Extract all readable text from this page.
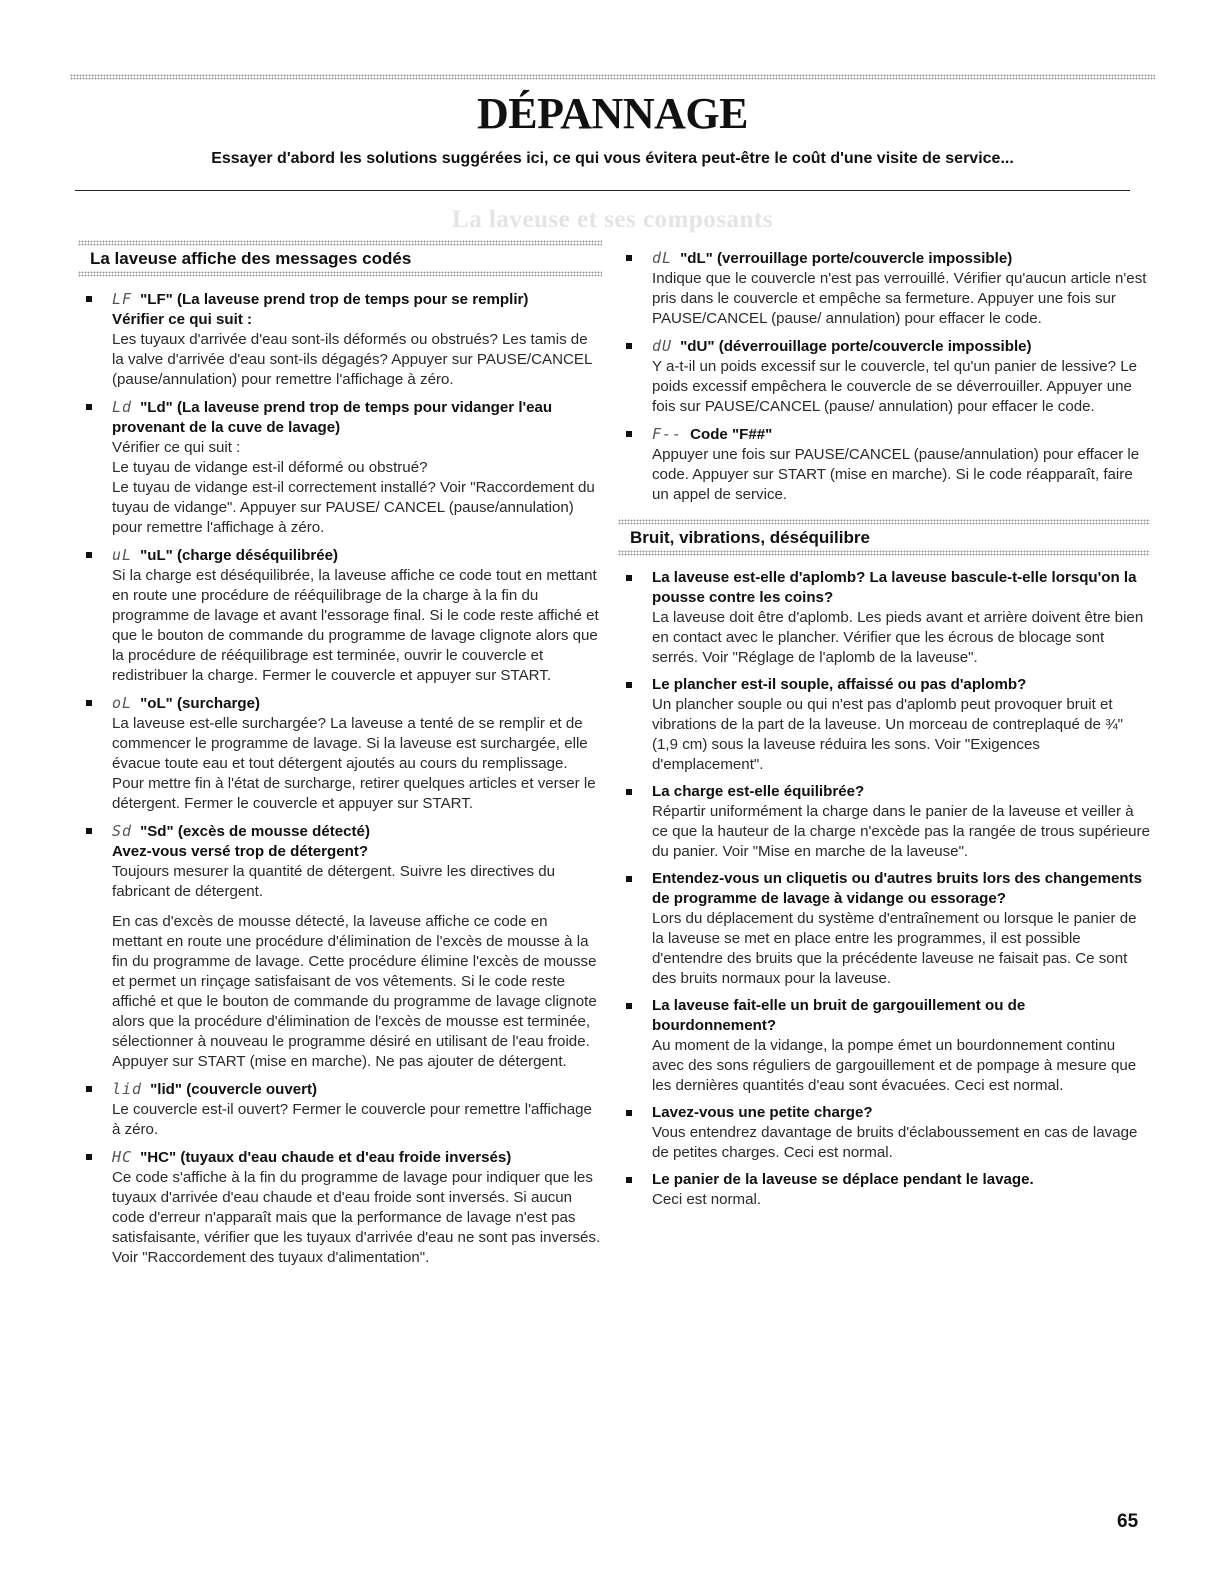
DÉPANNAGE
Essayer d'abord les solutions suggérées ici, ce qui vous évitera peut-être le coût d'une visite de service...
La laveuse et ses composants
La laveuse affiche des messages codés
LF "LF" (La laveuse prend trop de temps pour se remplir)
Vérifier ce qui suit :

Les tuyaux d'arrivée d'eau sont-ils déformés ou obstrués? Les tamis de la valve d'arrivée d'eau sont-ils dégagés? Appuyer sur PAUSE/CANCEL (pause/annulation) pour remettre l'affichage à zéro.

Ld "Ld" (La laveuse prend trop de temps pour vidanger l'eau provenant de la cuve de lavage)

Vérifier ce qui suit :
Le tuyau de vidange est-il déformé ou obstrué?
Le tuyau de vidange est-il correctement installé? Voir "Raccordement du tuyau de vidange". Appuyer sur PAUSE/ CANCEL (pause/annulation) pour remettre l'affichage à zéro.

uL "uL" (charge déséquilibrée)

Si la charge est déséquilibrée, la laveuse affiche ce code tout en mettant en route une procédure de rééquilibrage de la charge à la fin du programme de lavage et avant l'essorage final. Si le code reste affiché et que le bouton de commande du programme de lavage clignote alors que la procédure de rééquilibrage est terminée, ouvrir le couvercle et redistribuer la charge. Fermer le couvercle et appuyer sur START.

oL "oL" (surcharge)

La laveuse est-elle surchargée? La laveuse a tenté de se remplir et de commencer le programme de lavage. Si la laveuse est surchargée, elle évacue toute eau et tout détergent ajoutés au cours du remplissage. Pour mettre fin à l'état de surcharge, retirer quelques articles et verser le détergent. Fermer le couvercle et appuyer sur START.

Sd "Sd" (excès de mousse détecté)
Avez-vous versé trop de détergent?

Toujours mesurer la quantité de détergent. Suivre les directives du fabricant de détergent.

En cas d'excès de mousse détecté, la laveuse affiche ce code en mettant en route une procédure d'élimination de l'excès de mousse à la fin du programme de lavage. Cette procédure élimine l'excès de mousse et permet un rinçage satisfaisant de vos vêtements. Si le code reste affiché et que le bouton de commande du programme de lavage clignote alors que la procédure d'élimination de l'excès de mousse est terminée, sélectionner à nouveau le programme désiré en utilisant de l'eau froide. Appuyer sur START (mise en marche). Ne pas ajouter de détergent.

lid "lid" (couvercle ouvert)

Le couvercle est-il ouvert? Fermer le couvercle pour remettre l'affichage à zéro.

HC "HC" (tuyaux d'eau chaude et d'eau froide inversés)

Ce code s'affiche à la fin du programme de lavage pour indiquer que les tuyaux d'arrivée d'eau chaude et d'eau froide sont inversés. Si aucun code d'erreur n'apparaît mais que la performance de lavage n'est pas satisfaisante, vérifier que les tuyaux d'arrivée d'eau ne sont pas inversés. Voir "Raccordement des tuyaux d'alimentation".

dL "dL" (verrouillage porte/couvercle impossible)

Indique que le couvercle n'est pas verrouillé. Vérifier qu'aucun article n'est pris dans le couvercle et empêche sa fermeture. Appuyer une fois sur PAUSE/CANCEL (pause/ annulation) pour effacer le code.

dU "dU" (déverrouillage porte/couvercle impossible)

Y a-t-il un poids excessif sur le couvercle, tel qu'un panier de lessive? Le poids excessif empêchera le couvercle de se déverrouiller. Appuyer une fois sur PAUSE/CANCEL (pause/ annulation) pour effacer le code.

F-- Code "F##"

Appuyer une fois sur PAUSE/CANCEL (pause/annulation) pour effacer le code. Appuyer sur START (mise en marche). Si le code réapparaît, faire un appel de service.

Bruit, vibrations, déséquilibre
La laveuse est-elle d'aplomb? La laveuse bascule-t-elle lorsqu'on la pousse contre les coins?

La laveuse doit être d'aplomb. Les pieds avant et arrière doivent être bien en contact avec le plancher. Vérifier que les écrous de blocage sont serrés. Voir "Réglage de l'aplomb de la laveuse".

Le plancher est-il souple, affaissé ou pas d'aplomb?

Un plancher souple ou qui n'est pas d'aplomb peut provoquer bruit et vibrations de la part de la laveuse. Un morceau de contreplaqué de ¾" (1,9 cm) sous la laveuse réduira les sons. Voir "Exigences d'emplacement".

La charge est-elle équilibrée?

Répartir uniformément la charge dans le panier de la laveuse et veiller à ce que la hauteur de la charge n'excède pas la rangée de trous supérieure du panier. Voir "Mise en marche de la laveuse".

Entendez-vous un cliquetis ou d'autres bruits lors des changements de programme de lavage à vidange ou essorage?

Lors du déplacement du système d'entraînement ou lorsque le panier de la laveuse se met en place entre les programmes, il est possible d'entendre des bruits que la précédente laveuse ne faisait pas. Ce sont des bruits normaux pour la laveuse.

La laveuse fait-elle un bruit de gargouillement ou de bourdonnement?

Au moment de la vidange, la pompe émet un bourdonnement continu avec des sons réguliers de gargouillement et de pompage à mesure que les dernières quantités d'eau sont évacuées. Ceci est normal.

Lavez-vous une petite charge?

Vous entendrez davantage de bruits d'éclaboussement en cas de lavage de petites charges. Ceci est normal.

Le panier de la laveuse se déplace pendant le lavage.

Ceci est normal.

65
